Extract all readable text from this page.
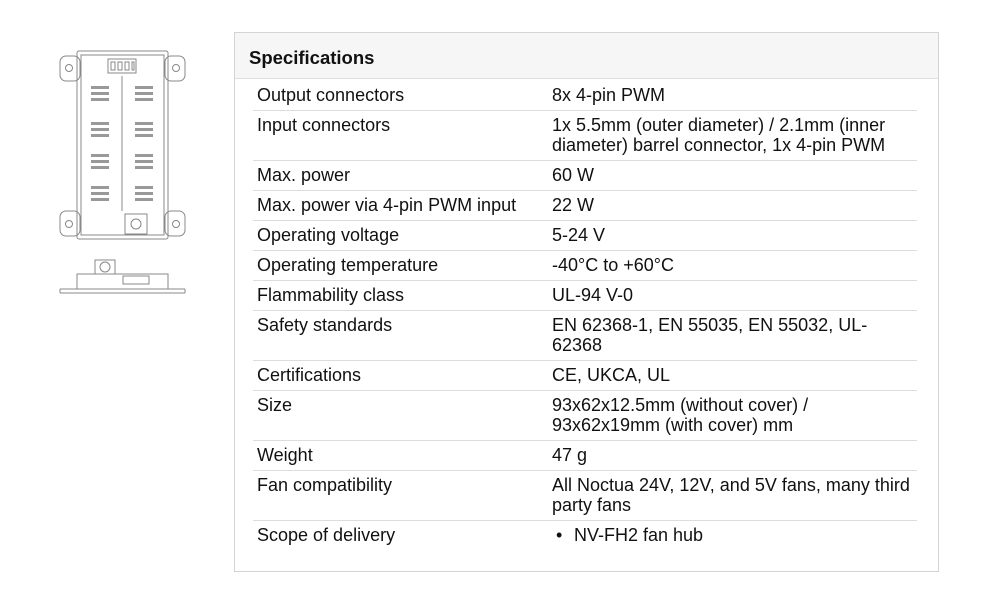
Specifications
Output connectors	8x 4-pin PWM
Input connectors	1x 5.5mm (outer diameter) / 2.1mm (inner diameter) barrel connector, 1x 4-pin PWM
Max. power	60 W
Max. power via 4-pin PWM input	22 W
Operating voltage	5-24 V
Operating temperature	-40°C to +60°C
Flammability class	UL-94 V-0
Safety standards	EN 62368-1, EN 55035, EN 55032, UL-62368
Certifications	CE, UKCA, UL
Size	93x62x12.5mm (without cover) / 93x62x19mm (with cover) mm
Weight	47 g
Fan compatibility	All Noctua 24V, 12V, and 5V fans, many third party fans
Scope of delivery	• NV-FH2 fan hub
